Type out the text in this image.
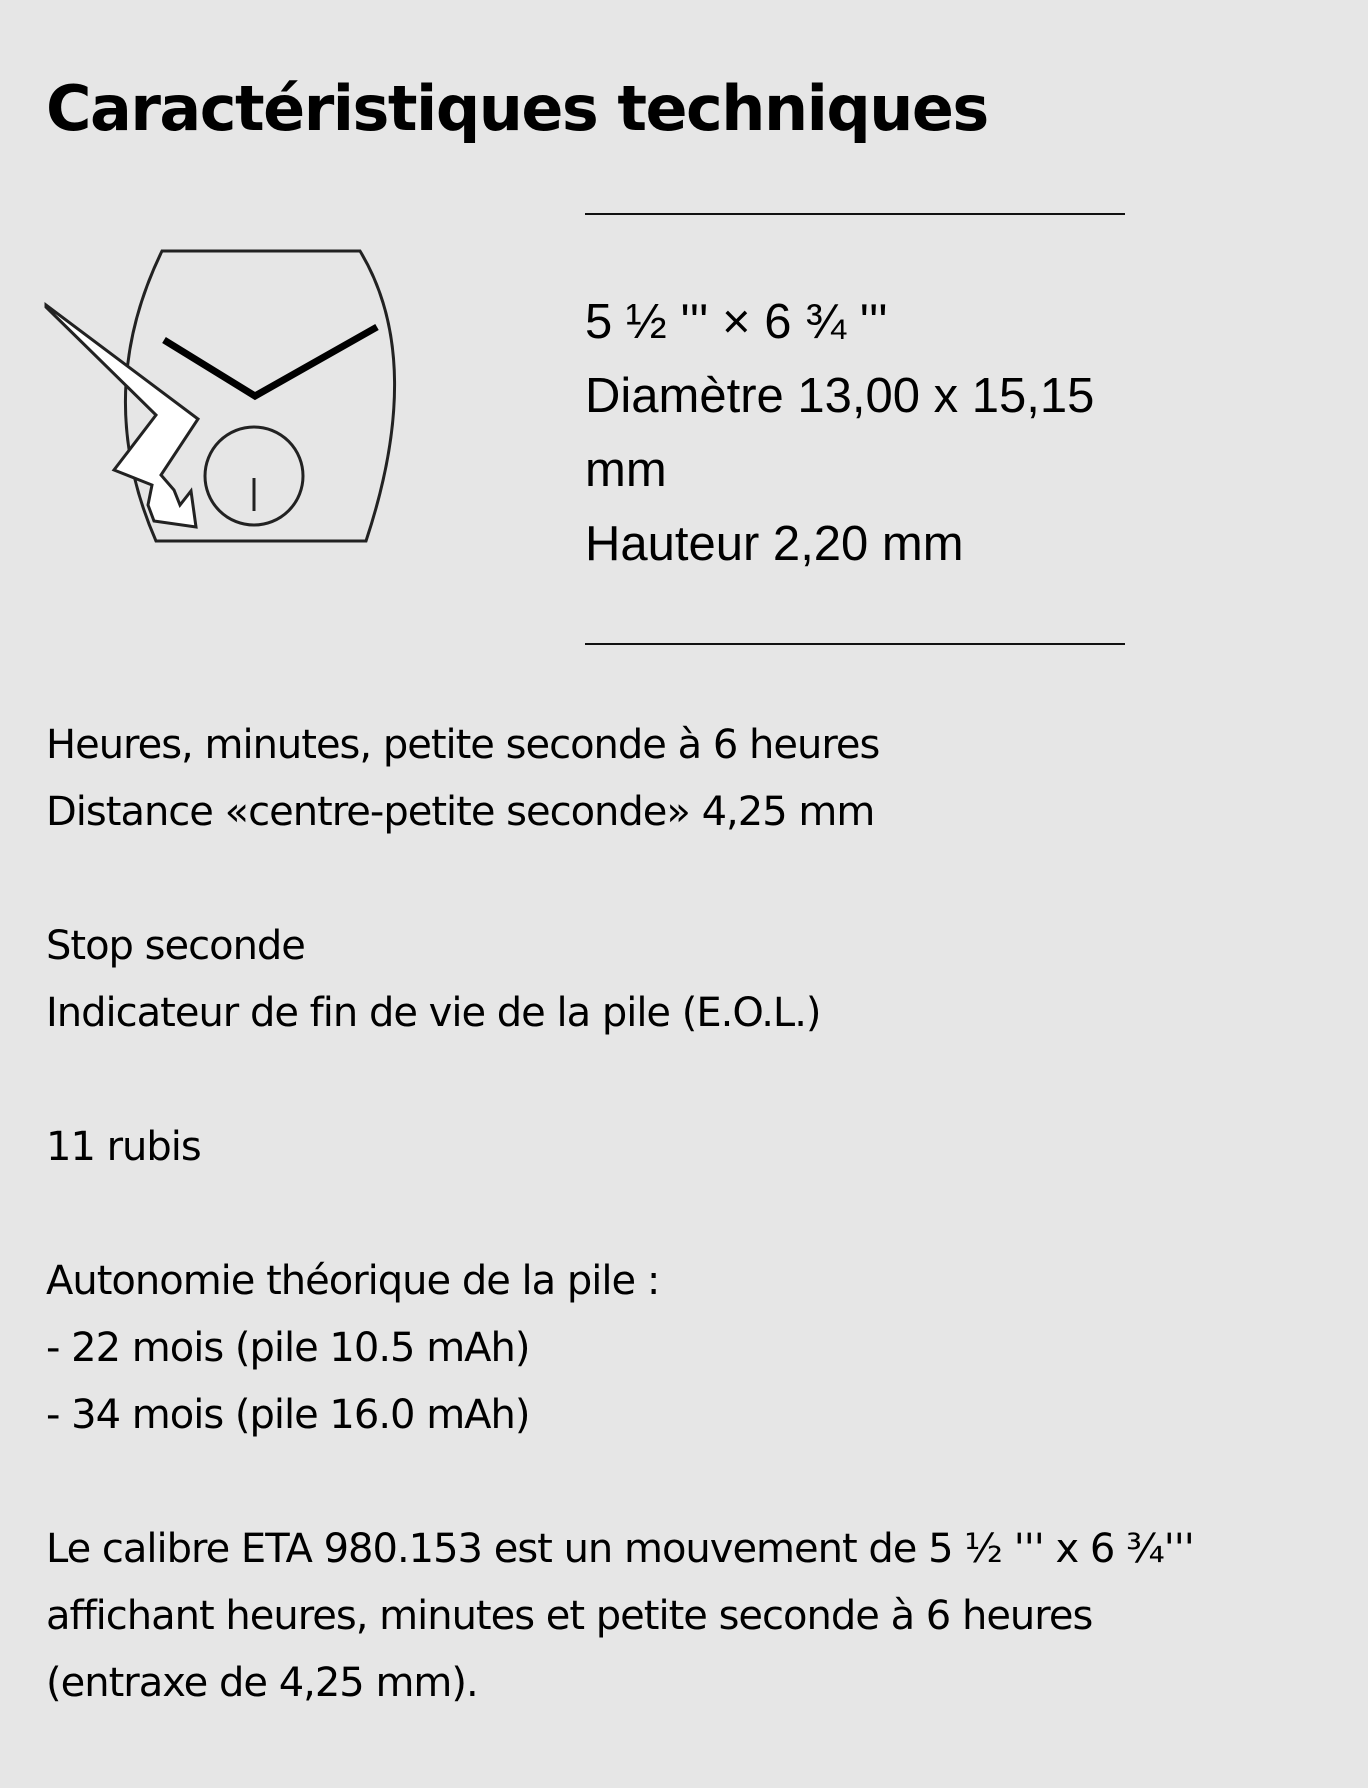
Caractéristiques techniques
5 ½ ''' × 6 ¾ '''
Diamètre 13,00 x 15,15
mm
Hauteur 2,20 mm
Heures, minutes, petite seconde à 6 heures
Distance «centre-petite seconde» 4,25 mm
Stop seconde
Indicateur de fin de vie de la pile (E.O.L.)
11 rubis
Autonomie théorique de la pile :
- 22 mois (pile 10.5 mAh)
- 34 mois (pile 16.0 mAh)
Le calibre ETA 980.153 est un mouvement de 5 ½ ''' x 6 ¾'''
affichant heures, minutes et petite seconde à 6 heures
(entraxe de 4,25 mm).
